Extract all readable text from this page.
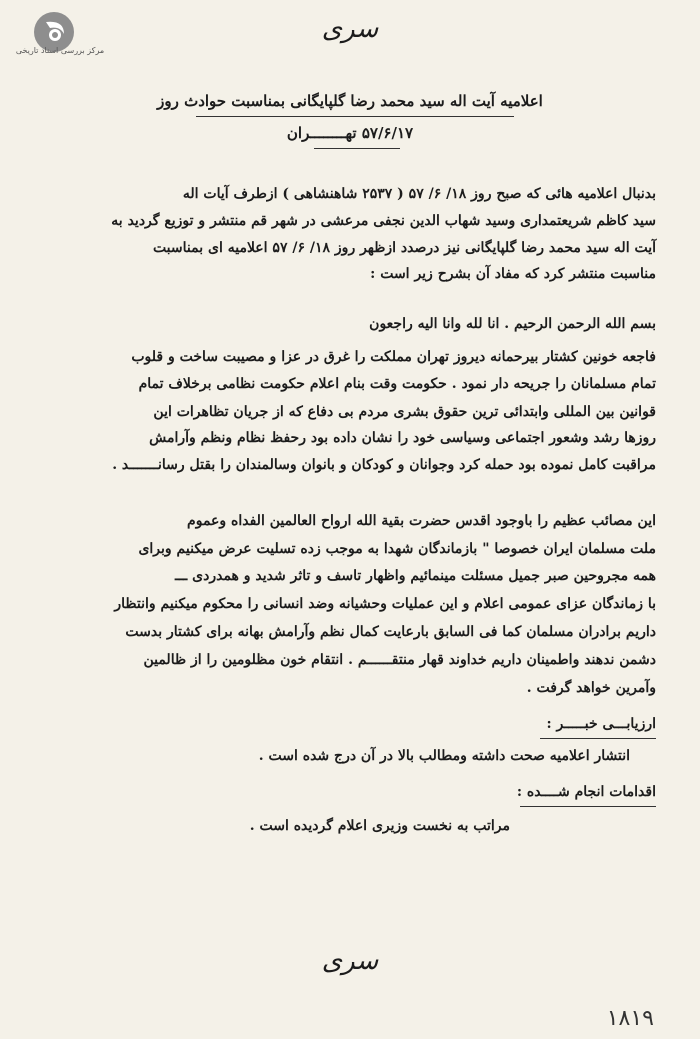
مرکز بررسی اسناد تاریخی
سری
اعلامیه آیت اله سید محمد رضا گلپایگانی بمناسبت حوادث روز
۵۷/۶/۱۷ تهــــــــران
بدنبال اعلامیه هائی که صبح روز ۱۸/ ۶/ ۵۷ ( ۲۵۳۷ شاهنشاهی ) ازطرف آیات اله
سید کاظم شریعتمداری وسید شهاب الدین نجفی مرعشی در شهر قم منتشر و توزیع گردید به
آیت اله سید محمد رضا گلپایگانی نیز درصدد ازظهر روز ۱۸/ ۶/ ۵۷ اعلامیه ای بمناسبت
مناسبت منتشر کرد که مفاد آن بشرح زیر است :
بسم الله الرحمن الرحیم . انا لله وانا الیه راجعون
فاجعه خونین کشتار بیرحمانه دیروز تهران مملکت را غرق در عزا و مصیبت ساخت و قلوب
تمام مسلمانان را جریحه دار نمود . حکومت وقت بنام اعلام حکومت نظامی برخلاف تمام
قوانین بین المللی وابتدائی ترین حقوق بشری مردم بی دفاع که از جریان تظاهرات این
روزها رشد وشعور اجتماعی وسیاسی خود را نشان داده بود رحفظ نظام ونظم وآرامش
مراقبت کامل نموده بود حمله کرد وجوانان و کودکان و بانوان وسالمندان را بقتل رسانـــــــد .
این مصائب عظیم را باوجود اقدس حضرت بقیة الله ارواح العالمین الفداه وعموم
ملت مسلمان ایران خصوصا " بازماندگان شهدا به موجب زده تسلیت عرض میکنیم وبرای
همه مجروحین صبر جمیل مسئلت مینمائیم واظهار تاسف و تاثر شدید و همدردی ـــ
با زماندگان عزای عمومی اعلام و این عملیات وحشیانه وضد انسانی را محکوم میکنیم وانتظار
داریم برادران مسلمان کما فی السابق بارعایت کمال نظم وآرامش بهانه برای کشتار بدست
دشمن ندهند واطمینان داریم خداوند قهار منتقــــــم . انتقام خون مظلومین را از ظالمین
وآمرین خواهد گرفت .
ارزیابـــی خبـــــر :
انتشار اعلامیه صحت داشته ومطالب بالا در آن درج شده است .
اقدامات انجام شــــده :
مراتب به نخست وزیری اعلام گردیده است .
سری
۱۸۱۹
